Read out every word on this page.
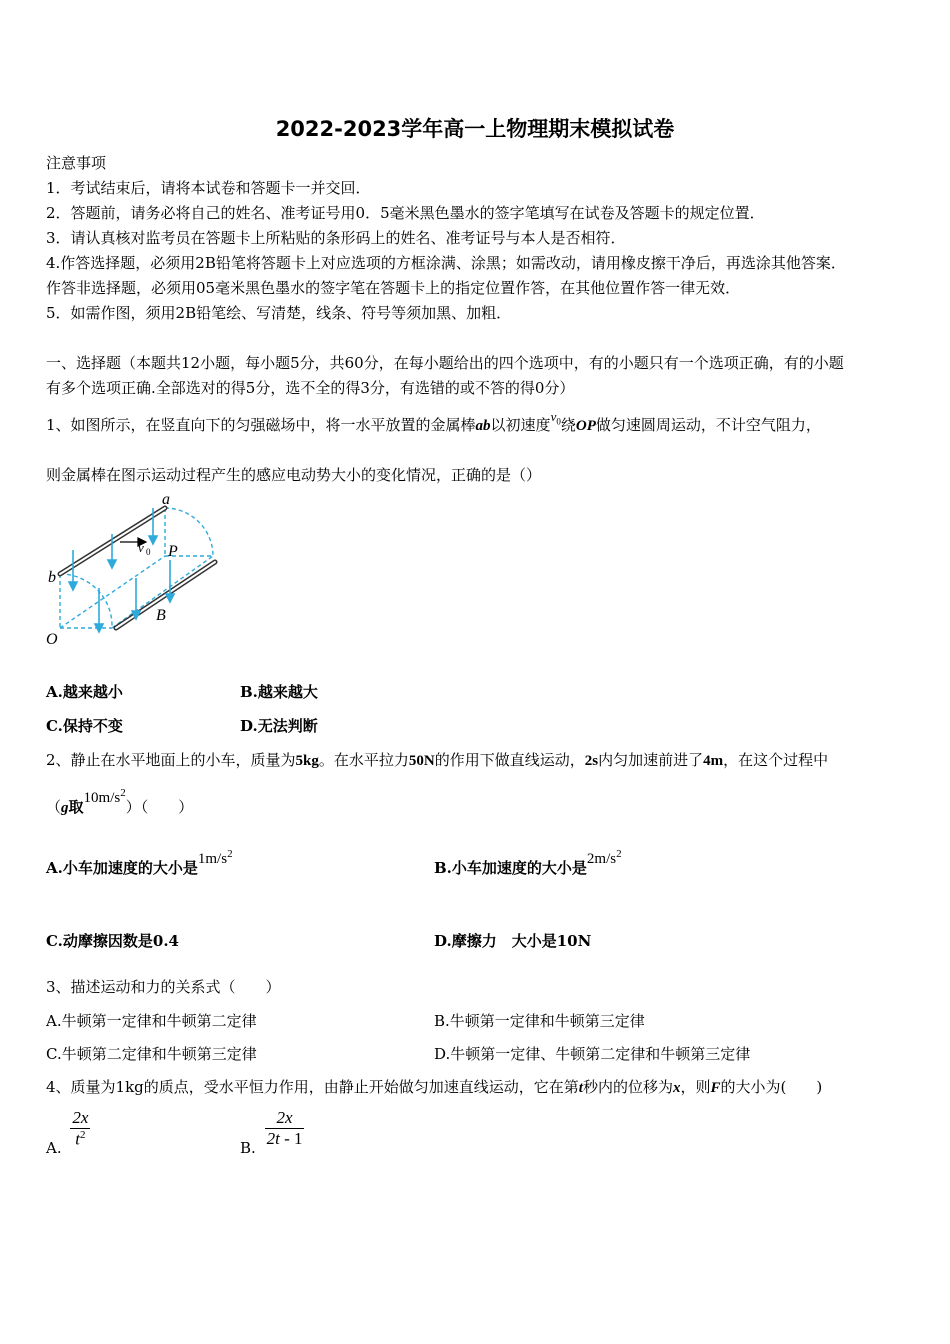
2022-2023学年高一上物理期末模拟试卷
注意事项
1．考试结束后，请将本试卷和答题卡一并交回．
2．答题前，请务必将自己的姓名、准考证号用0．5毫米黑色墨水的签字笔填写在试卷及答题卡的规定位置．
3．请认真核对监考员在答题卡上所粘贴的条形码上的姓名、准考证号与本人是否相符．
4.作答选择题，必须用2B铅笔将答题卡上对应选项的方框涂满、涂黑；如需改动，请用橡皮擦干净后，再选涂其他答案．
作答非选择题，必须用05毫米黑色墨水的签字笔在答题卡上的指定位置作答，在其他位置作答一律无效．
5．如需作图，须用2B铅笔绘、写清楚，线条、符号等须加黑、加粗．
一、选择题（本题共12小题，每小题5分，共60分，在每小题给出的四个选项中，有的小题只有一个选项正确，有的小题
有多个选项正确.全部选对的得5分，选不全的得3分，有选错的或不答的得0分）
1、如图所示，在竖直向下的匀强磁场中，将一水平放置的金属棒ab以初速度$v_0$绕OP做匀速圆周运动，不计空气阻力，
则金属棒在图示运动过程产生的感应电动势大小的变化情况，正确的是（）
a
b
P
O
B
v 0
A.越来越小	B.越来越大
C.保持不变	D.无法判断
2、静止在水平地面上的小车，质量为5kg。在水平拉力50N的作用下做直线运动，2s内匀加速前进了4m，在这个过程中
（g取$10m/s^2$）（　　）
A.小车加速度的大小是$1m/s^2$
B.小车加速度的大小是$2m/s^2$
C.动摩擦因数是0.4	D.摩擦力　大小是10N
3、描述运动和力的关系式（　　）
A.牛顿第一定律和牛顿第二定律	B.牛顿第一定律和牛顿第三定律
C.牛顿第二定律和牛顿第三定律	D.牛顿第一定律、牛顿第二定律和牛顿第三定律
4、质量为1kg的质点，受水平恒力作用，由静止开始做匀加速直线运动，它在第t秒内的位移为x，则F的大小为(　　)
A. $\frac{2x}{t^2}$	B. $\frac{2x}{2t - 1}$
